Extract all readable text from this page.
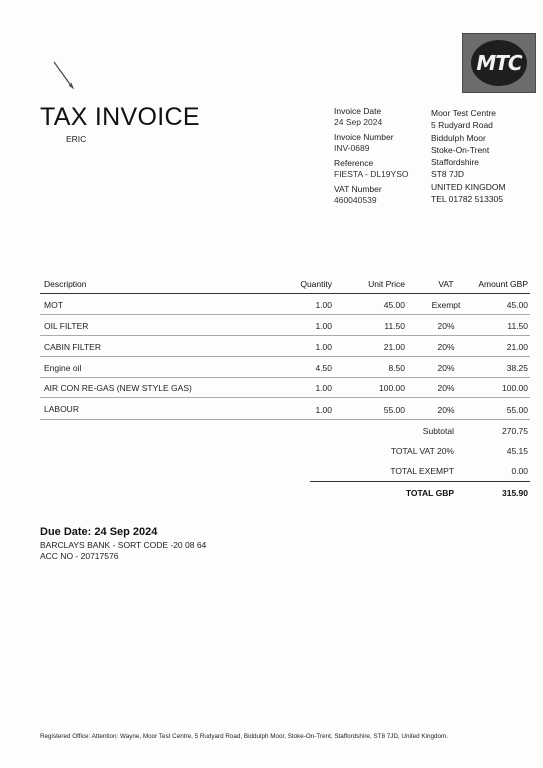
MTC
TAX INVOICE
ERIC
Invoice Date
24 Sep 2024
Invoice Number
INV-0689
Reference
FIESTA - DL19YSO
VAT Number
460040539
Moor Test Centre
5 Rudyard Road
Biddulph Moor
Stoke-On-Trent
Staffordshire
ST8 7JD
UNITED KINGDOM
TEL 01782 513305
Description	Quantity	Unit Price	VAT	Amount GBP
MOT	1.00	45.00	Exempt	45.00
OIL FILTER	1.00	11.50	20%	11.50
CABIN FILTER	1.00	21.00	20%	21.00
Engine oil	4.50	8.50	20%	38.25
AIR CON RE-GAS (NEW STYLE GAS)	1.00	100.00	20%	100.00
LABOUR	1.00	55.00	20%	55.00
Subtotal	270.75
TOTAL VAT 20%	45.15
TOTAL EXEMPT	0.00
TOTAL GBP	315.90
Due Date: 24 Sep 2024
BARCLAYS BANK - SORT CODE -20 08 64
ACC NO - 20717576
Registered Office: Attention: Wayne, Moor Test Centre, 5 Rudyard Road, Biddulph Moor, Stoke-On-Trent, Staffordshire, ST8 7JD, United Kingdom.
